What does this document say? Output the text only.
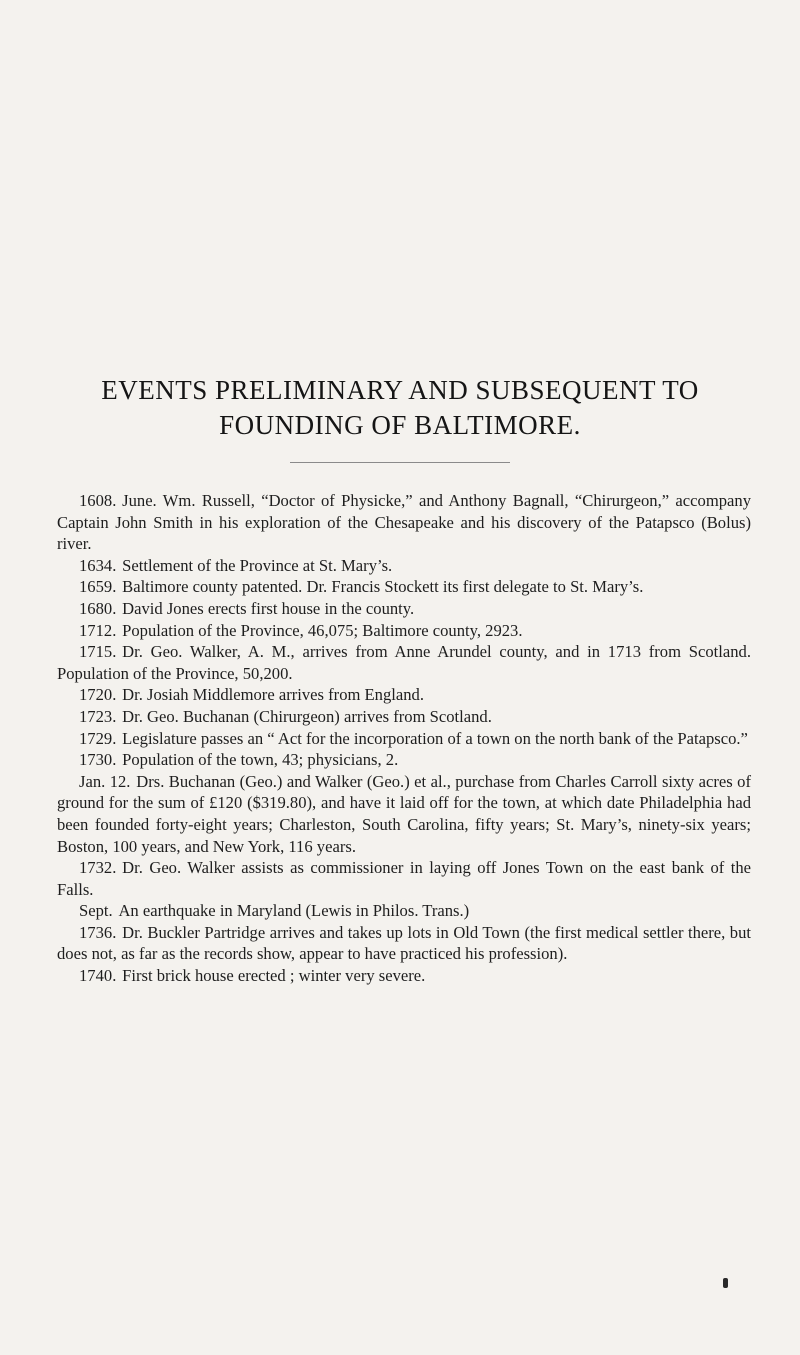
EVENTS PRELIMINARY AND SUBSEQUENT TO
FOUNDING OF BALTIMORE.

1608. June. Wm. Russell, “Doctor of Physicke,” and Anthony Bagnall, “Chirurgeon,” accompany Captain John Smith in his exploration of the Chesapeake and his discovery of the Patapsco (Bolus) river.

1634. Settlement of the Province at St. Mary’s.

1659. Baltimore county patented. Dr. Francis Stockett its first delegate to St. Mary’s.

1680. David Jones erects first house in the county.

1712. Population of the Province, 46,075; Baltimore county, 2923.

1715. Dr. Geo. Walker, A. M., arrives from Anne Arundel county, and in 1713 from Scotland. Population of the Province, 50,200.

1720. Dr. Josiah Middlemore arrives from England.

1723. Dr. Geo. Buchanan (Chirurgeon) arrives from Scotland.

1729. Legislature passes an “ Act for the incorporation of a town on the north bank of the Patapsco.”

1730. Population of the town, 43; physicians, 2.

Jan. 12. Drs. Buchanan (Geo.) and Walker (Geo.) et al., purchase from Charles Carroll sixty acres of ground for the sum of £120 ($319.80), and have it laid off for the town, at which date Philadelphia had been founded forty-eight years; Charleston, South Carolina, fifty years; St. Mary’s, ninety-six years; Boston, 100 years, and New York, 116 years.

1732. Dr. Geo. Walker assists as commissioner in laying off Jones Town on the east bank of the Falls.

Sept. An earthquake in Maryland (Lewis in Philos. Trans.)

1736. Dr. Buckler Partridge arrives and takes up lots in Old Town (the first medical settler there, but does not, as far as the records show, appear to have practiced his profession).

1740. First brick house erected ; winter very severe.
